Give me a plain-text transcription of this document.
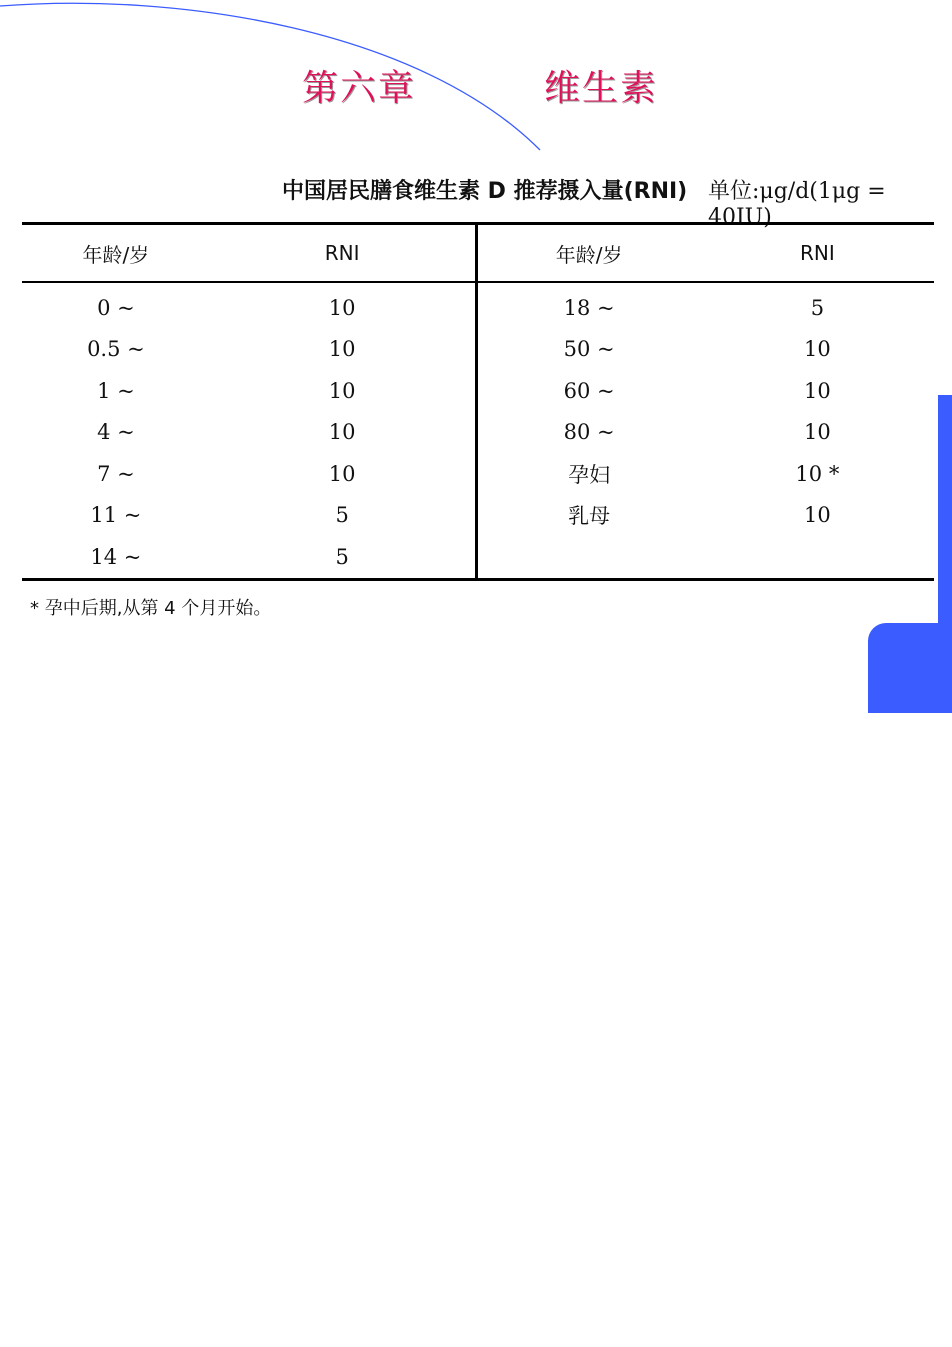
第六章	维生素
中国居民膳食维生素 D 推荐摄入量(RNI) 单位:μg/d(1μg = 40IU)
年龄/岁	RNI	年龄/岁	RNI
0 ~	10	18 ~	5
0.5 ~	10	50 ~	10
1 ~	10	60 ~	10
4 ~	10	80 ~	10
7 ~	10	孕妇	10 *
11 ~	5	乳母	10
14 ~	5		
* 孕中后期,从第 4 个月开始。
